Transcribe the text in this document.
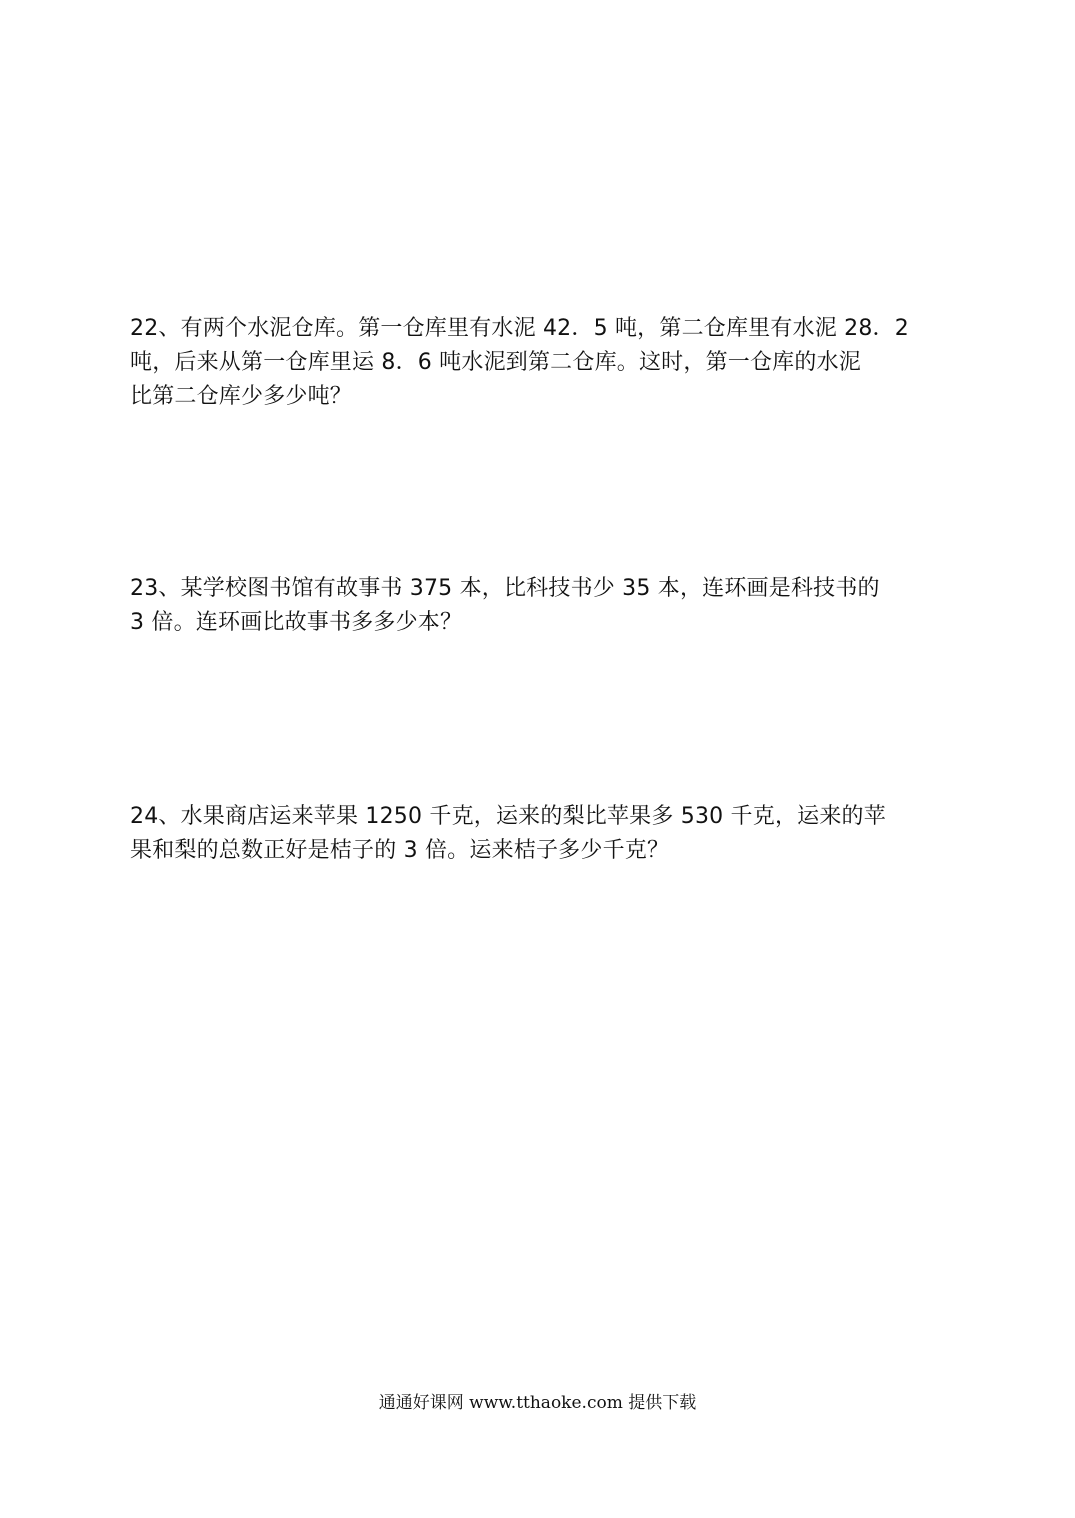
22、有两个水泥仓库。第一仓库里有水泥 42．5 吨，第二仓库里有水泥 28．2
吨，后来从第一仓库里运 8．6 吨水泥到第二仓库。这时，第一仓库的水泥
比第二仓库少多少吨？
23、某学校图书馆有故事书 375 本，比科技书少 35 本，连环画是科技书的
3 倍。连环画比故事书多多少本？
24、水果商店运来苹果 1250 千克，运来的梨比苹果多 530 千克，运来的苹
果和梨的总数正好是桔子的 3 倍。运来桔子多少千克？
通通好课网 www.tthaoke.com 提供下载
